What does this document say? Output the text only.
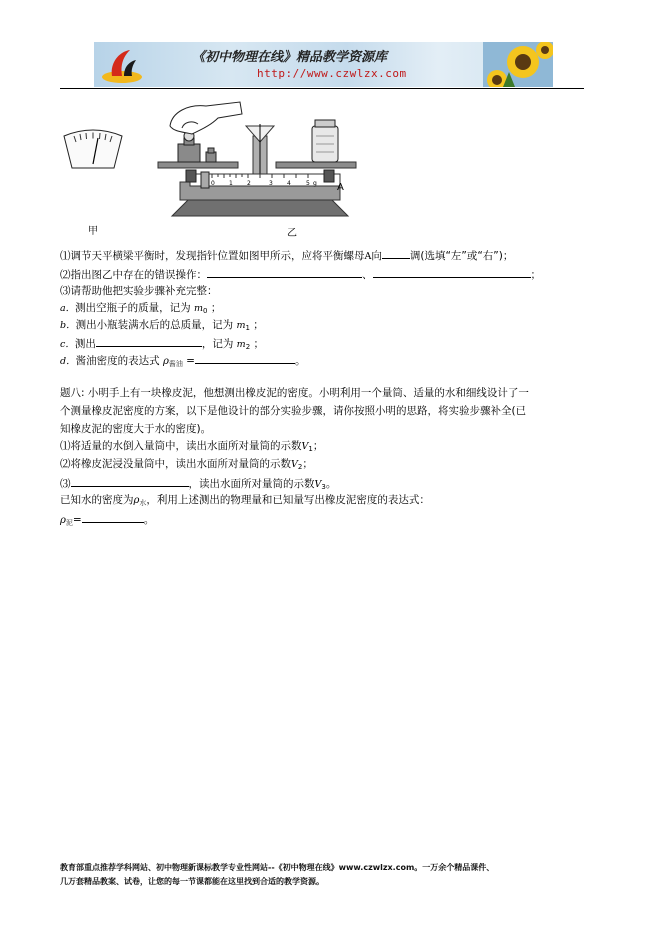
《初中物理在线》精品教学资源库
http://www.czwlzx.com
0 1 2	3 4	5 g
甲	乙
A
⑴调节天平横梁平衡时，发现指针位置如图甲所示，应将平衡螺母A向	调(选填“左”或“右”)；
⑵指出图乙中存在的错误操作：	、	；
⑶请帮助他把实验步骤补充完整：
a．测出空瓶子的质量，记为 $m_0$ ；
b．测出小瓶装满水后的总质量，记为 $m_1$ ；
c．测出	，记为 $m_2$ ；
d．酱油密度的表达式 ρ酱油 =	。
题八: 小明手上有一块橡皮泥，他想测出橡皮泥的密度。小明利用一个量筒、适量的水和细线设计了一
个测量橡皮泥密度的方案，以下是他设计的部分实验步骤，请你按照小明的思路，将实验步骤补全(已
知橡皮泥的密度大于水的密度)。
⑴将适量的水倒入量筒中，读出水面所对量筒的示数$V_1$；
⑵将橡皮泥浸没量筒中，读出水面所对量筒的示数$V_2$；
⑶	，读出水面所对量筒的示数$V_3$。
已知水的密度为ρ水，利用上述测出的物理量和已知量写出橡皮泥密度的表达式：
ρ泥=	。
教育部重点推荐学科网站、初中物理新课标教学专业性网站--《初中物理在线》www.czwlzx.com。一万余个精品课件、
几万套精品教案、试卷，让您的每一节课都能在这里找到合适的教学资源。
